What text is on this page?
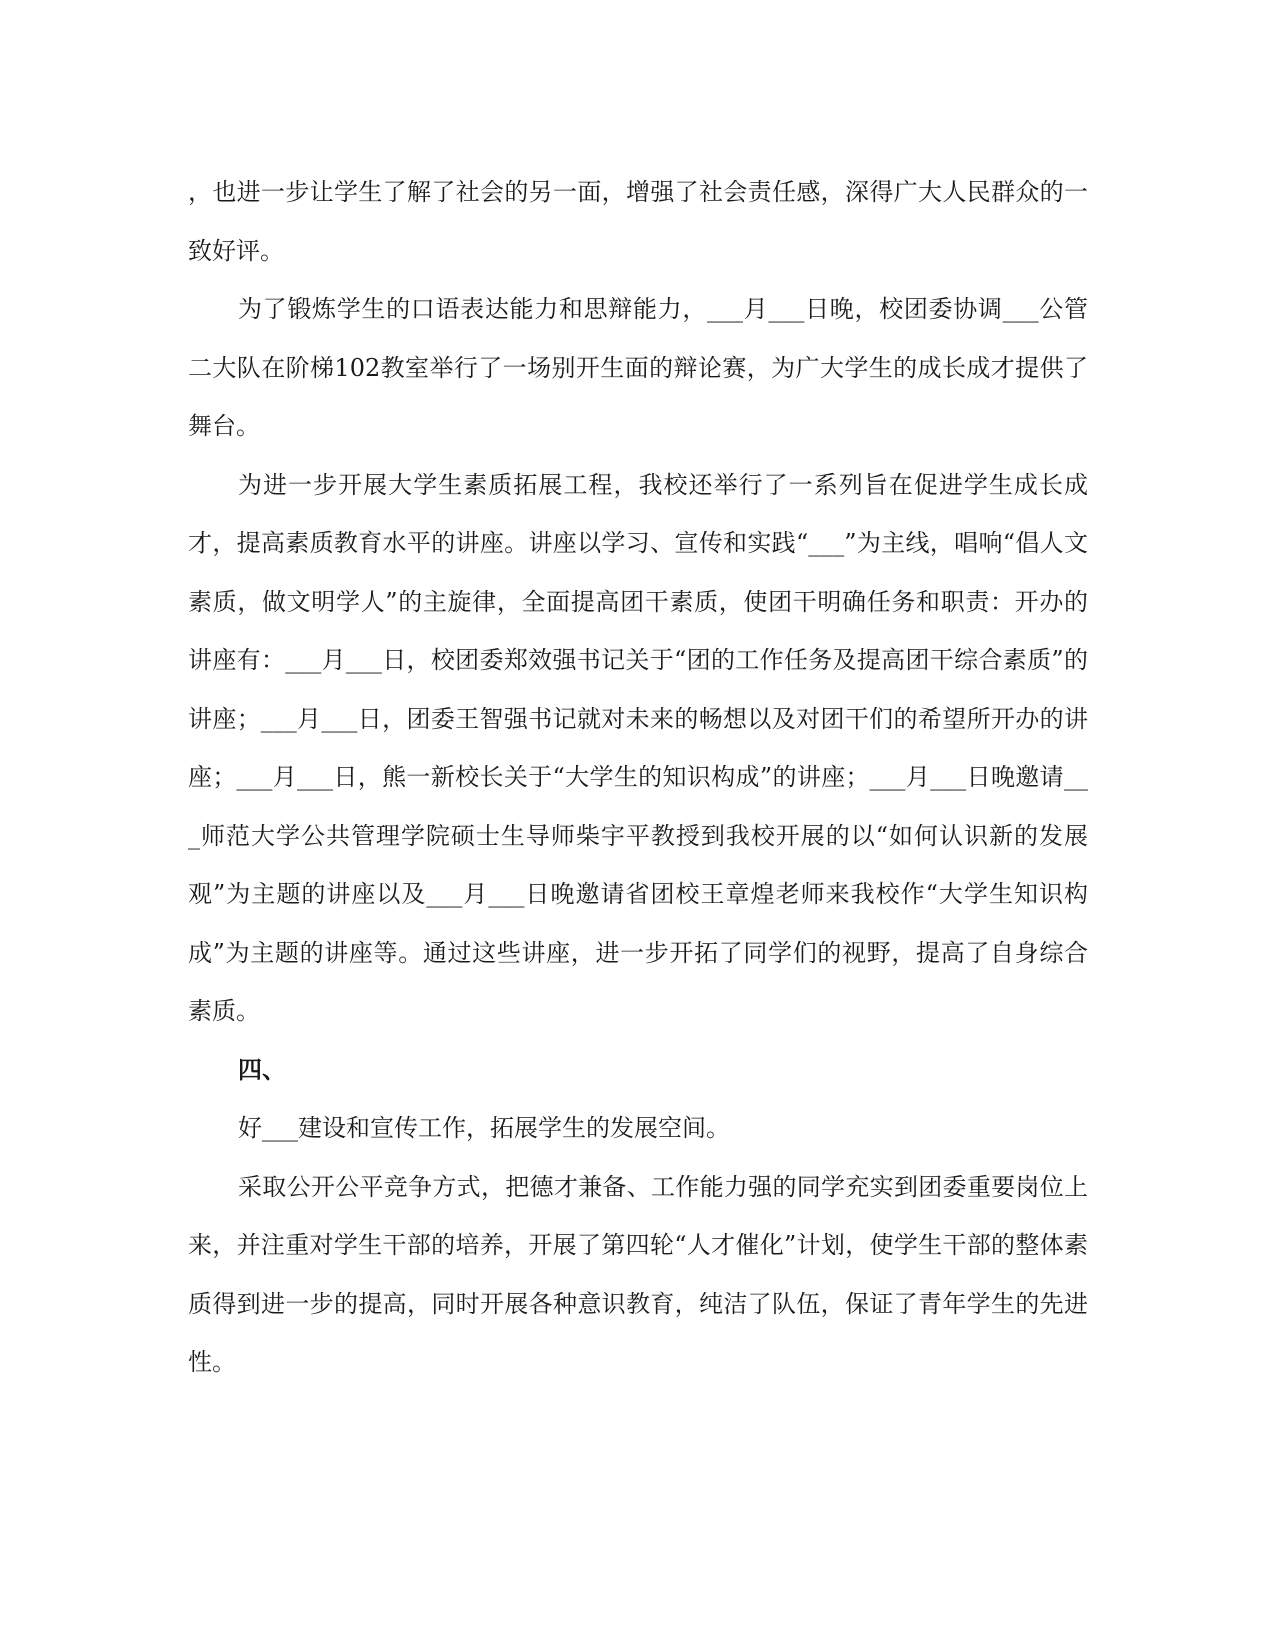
，也进一步让学生了解了社会的另一面，增强了社会责任感，深得广大人民群众的一致好评。

为了锻炼学生的口语表达能力和思辩能力，___月___日晚，校团委协调___公管二大队在阶梯102教室举行了一场别开生面的辩论赛，为广大学生的成长成才提供了舞台。

为进一步开展大学生素质拓展工程，我校还举行了一系列旨在促进学生成长成才，提高素质教育水平的讲座。讲座以学习、宣传和实践“___”为主线，唱响“倡人文素质，做文明学人”的主旋律，全面提高团干素质，使团干明确任务和职责：开办的讲座有：___月___日，校团委郑效强书记关于“团的工作任务及提高团干综合素质”的讲座；___月___日，团委王智强书记就对未来的畅想以及对团干们的希望所开办的讲座；___月___日，熊一新校长关于“大学生的知识构成”的讲座；___月___日晚邀请___师范大学公共管理学院硕士生导师柴宇平教授到我校开展的以“如何认识新的发展观”为主题的讲座以及___月___日晚邀请省团校王章煌老师来我校作“大学生知识构成”为主题的讲座等。通过这些讲座，进一步开拓了同学们的视野，提高了自身综合素质。

四、

好___建设和宣传工作，拓展学生的发展空间。

采取公开公平竞争方式，把德才兼备、工作能力强的同学充实到团委重要岗位上来，并注重对学生干部的培养，开展了第四轮“人才催化”计划，使学生干部的整体素质得到进一步的提高，同时开展各种意识教育，纯洁了队伍，保证了青年学生的先进性。
